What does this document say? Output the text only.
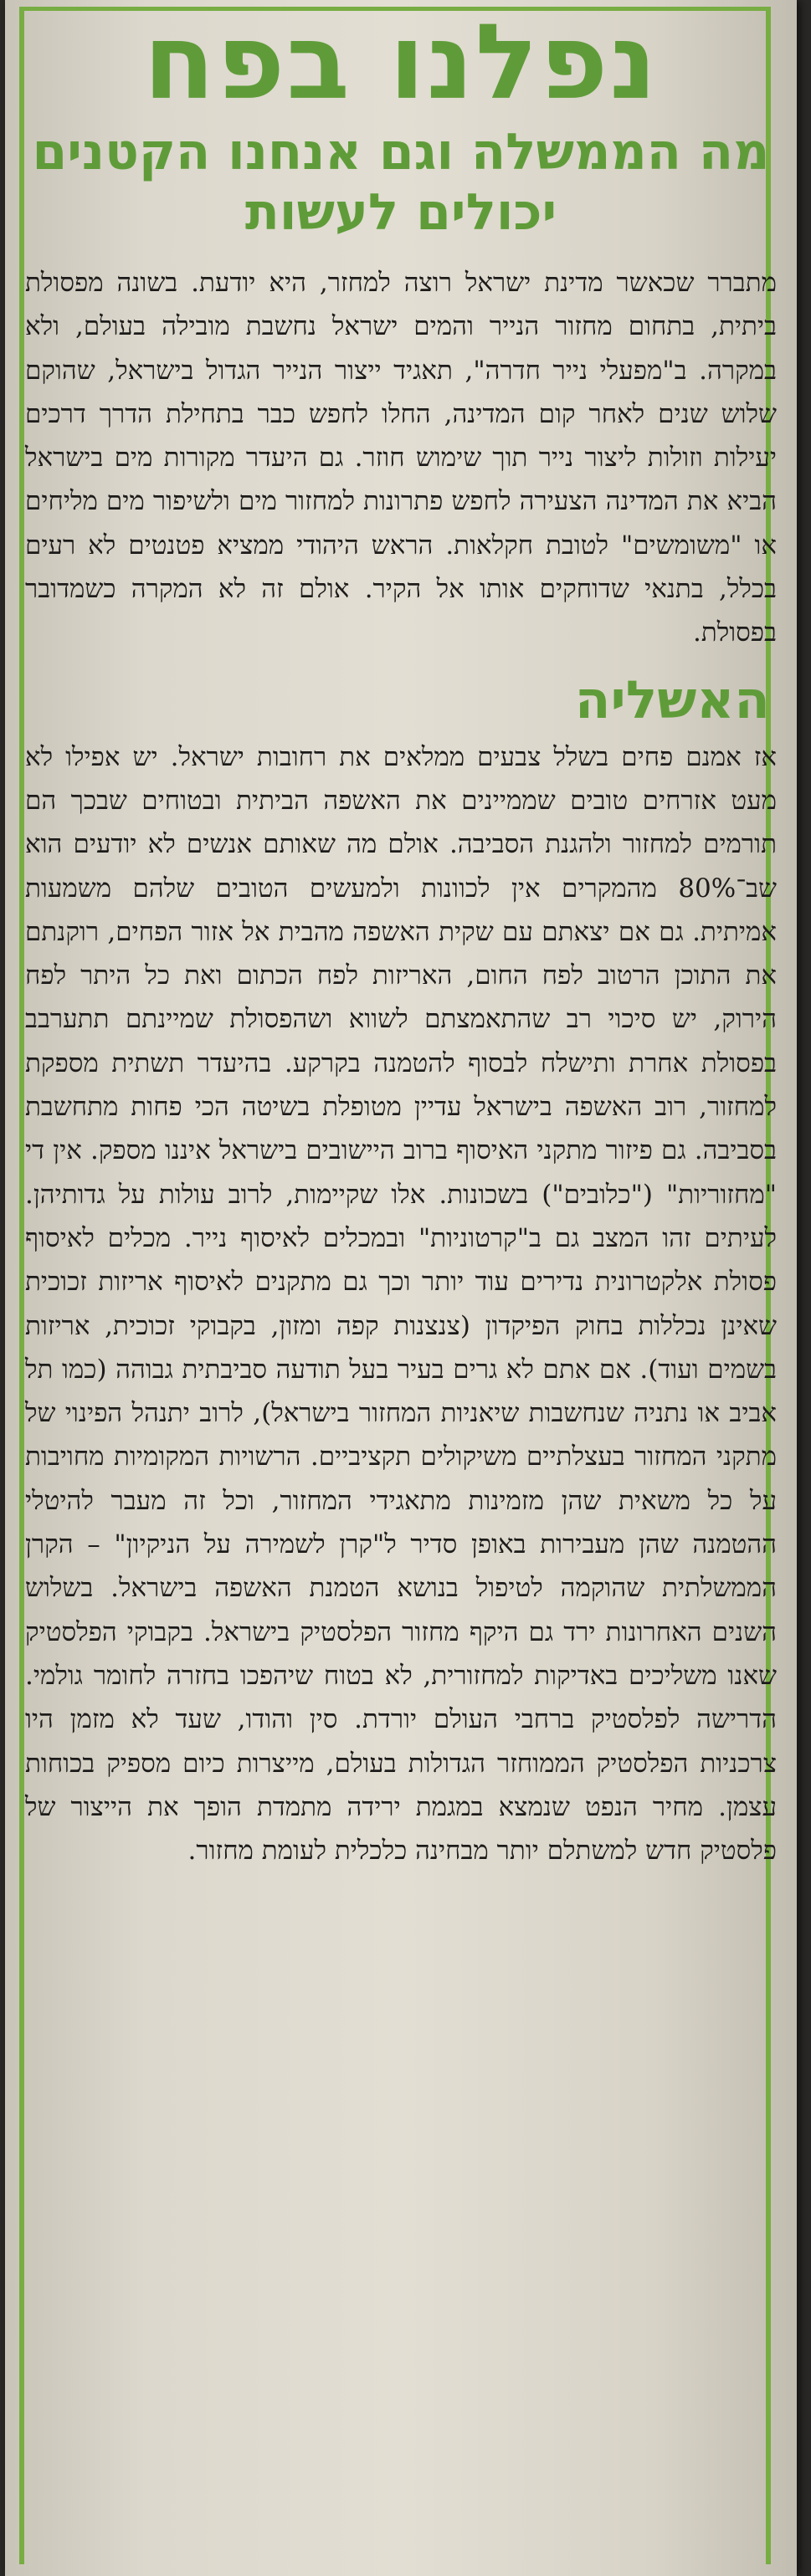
נפלנו בפח
מה הממשלה וגם אנחנו הקטנים יכולים לעשות

מתברר שכאשר מדינת ישראל רוצה למחזר, היא יודעת. בשונה מפסולת ביתית, בתחום מחזור הנייר והמים ישראל נחשבת מובילה בעולם, ולא במקרה. ב"מפעלי נייר חדרה", תאגיד ייצור הנייר הגדול בישראל, שהוקם שלוש שנים לאחר קום המדינה, החלו לחפש כבר בתחילת הדרך דרכים יעילות וזולות ליצור נייר תוך שימוש חוזר. גם היעדר מקורות מים בישראל הביא את המדינה הצעירה לחפש פתרונות למחזור מים ולשיפור מים מליחים או "משומשים" לטובת חקלאות. הראש היהודי ממציא פטנטים לא רעים בכלל, בתנאי שדוחקים אותו אל הקיר. אולם זה לא המקרה כשמדובר בפסולת.

האשליה

אז אמנם פחים בשלל צבעים ממלאים את רחובות ישראל. יש אפילו לא מעט אזרחים טובים שממיינים את האשפה הביתית ובטוחים שבכך הם תורמים למחזור ולהגנת הסביבה. אולם מה שאותם אנשים לא יודעים הוא שב־80% מהמקרים אין לכוונות ולמעשים הטובים שלהם משמעות אמיתית. גם אם יצאתם עם שקית האשפה מהבית אל אזור הפחים, רוקנתם את התוכן הרטוב לפח החום, האריזות לפח הכתום ואת כל היתר לפח הירוק, יש סיכוי רב שהתאמצתם לשווא ושהפסולת שמיינתם תתערבב בפסולת אחרת ותישלח לבסוף להטמנה בקרקע. בהיעדר תשתית מספקת למחזור, רוב האשפה בישראל עדיין מטופלת בשיטה הכי פחות מתחשבת בסביבה. גם פיזור מתקני האיסוף ברוב היישובים בישראל איננו מספק. אין די "מחזוריות" ("כלובים") בשכונות. אלו שקיימות, לרוב עולות על גדותיהן. לעיתים זהו המצב גם ב"קרטוניות" ובמכלים לאיסוף נייר. מכלים לאיסוף פסולת אלקטרונית נדירים עוד יותר וכך גם מתקנים לאיסוף אריזות זכוכית שאינן נכללות בחוק הפיקדון (צנצנות קפה ומזון, בקבוקי זכוכית, אריזות בשמים ועוד). אם אתם לא גרים בעיר בעל תודעה סביבתית גבוהה (כמו תל אביב או נתניה שנחשבות שיאניות המחזור בישראל), לרוב יתנהל הפינוי של מתקני המחזור בעצלתיים משיקולים תקציביים. הרשויות המקומיות מחויבות על כל משאית שהן מזמינות מתאגידי המחזור, וכל זה מעבר להיטלי ההטמנה שהן מעבירות באופן סדיר ל"קרן לשמירה על הניקיון" – הקרן הממשלתית שהוקמה לטיפול בנושא הטמנת האשפה בישראל. בשלוש השנים האחרונות ירד גם היקף מחזור הפלסטיק בישראל. בקבוקי הפלסטיק שאנו משליכים באדיקות למחזורית, לא בטוח שיהפכו בחזרה לחומר גולמי. הדרישה לפלסטיק ברחבי העולם יורדת. סין והודו, שעד לא מזמן היו צרכניות הפלסטיק הממוחזר הגדולות בעולם, מייצרות כיום מספיק בכוחות עצמן. מחיר הנפט שנמצא במגמת ירידה מתמדת הופך את הייצור של פלסטיק חדש למשתלם יותר מבחינה כלכלית לעומת מחזור.
